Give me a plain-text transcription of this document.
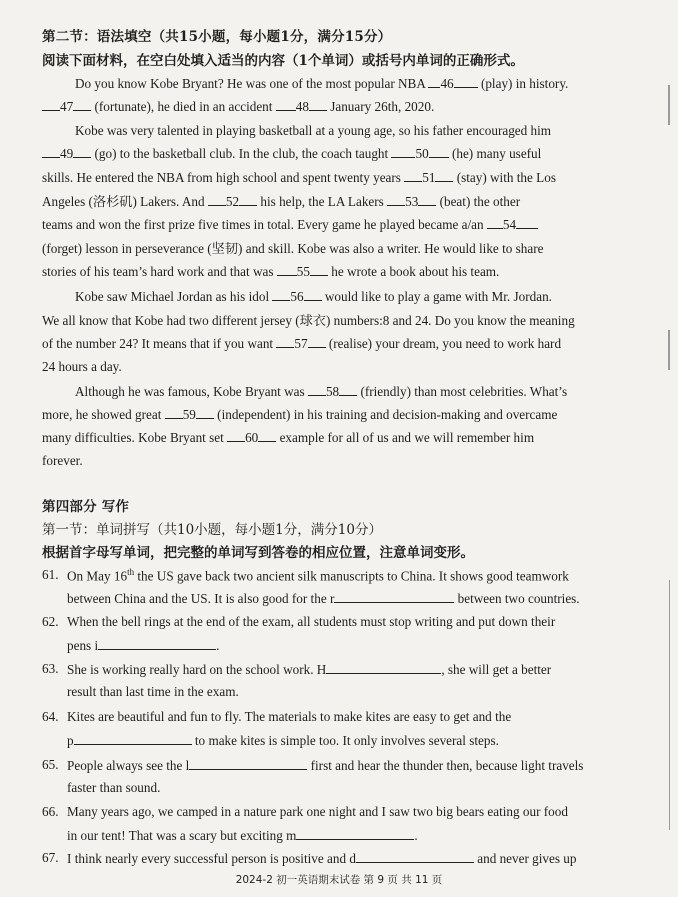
第二节：语法填空（共15小题，每小题1分，满分15分）
阅读下面材料，在空白处填入适当的内容（1个单词）或括号内单词的正确形式。
Do you know Kobe Bryant? He was one of the most popular NBA 46 (play) in history.
47 (fortunate), he died in an accident 48 January 26th, 2020.
Kobe was very talented in playing basketball at a young age, so his father encouraged him
49 (go) to the basketball club. In the club, the coach taught 50 (he) many useful
skills. He entered the NBA from high school and spent twenty years 51 (stay) with the Los
Angeles (洛杉矶) Lakers. And 52 his help, the LA Lakers 53 (beat) the other
teams and won the first prize five times in total. Every game he played became a/an 54
(forget) lesson in perseverance (坚韧) and skill. Kobe was also a writer. He would like to share
stories of his team’s hard work and that was 55 he wrote a book about his team.
Kobe saw Michael Jordan as his idol 56 would like to play a game with Mr. Jordan.
We all know that Kobe had two different jersey (球衣) numbers:8 and 24. Do you know the meaning
of the number 24? It means that if you want 57 (realise) your dream, you need to work hard
24 hours a day.
Although he was famous, Kobe Bryant was 58 (friendly) than most celebrities. What’s
more, he showed great 59 (independent) in his training and decision-making and overcame
many difficulties. Kobe Bryant set 60 example for all of us and we will remember him
forever.
第四部分 写作
第一节：单词拼写（共10小题，每小题1分，满分10分）
根据首字母写单词，把完整的单词写到答卷的相应位置，注意单词变形。
61. On May 16th the US gave back two ancient silk manuscripts to China. It shows good teamwork
between China and the US. It is also good for the r	between two countries.
62. When the bell rings at the end of the exam, all students must stop writing and put down their
pens i	.
63. She is working really hard on the school work. H	, she will get a better
result than last time in the exam.
64. Kites are beautiful and fun to fly. The materials to make kites are easy to get and the
p	to make kites is simple too. It only involves several steps.
65. People always see the l	first and hear the thunder then, because light travels
faster than sound.
66. Many years ago, we camped in a nature park one night and I saw two big bears eating our food
in our tent! That was a scary but exciting m	.
67. I think nearly every successful person is positive and d	and never gives up
2024-2 初一英语期末试卷 第 9 页 共 11 页
